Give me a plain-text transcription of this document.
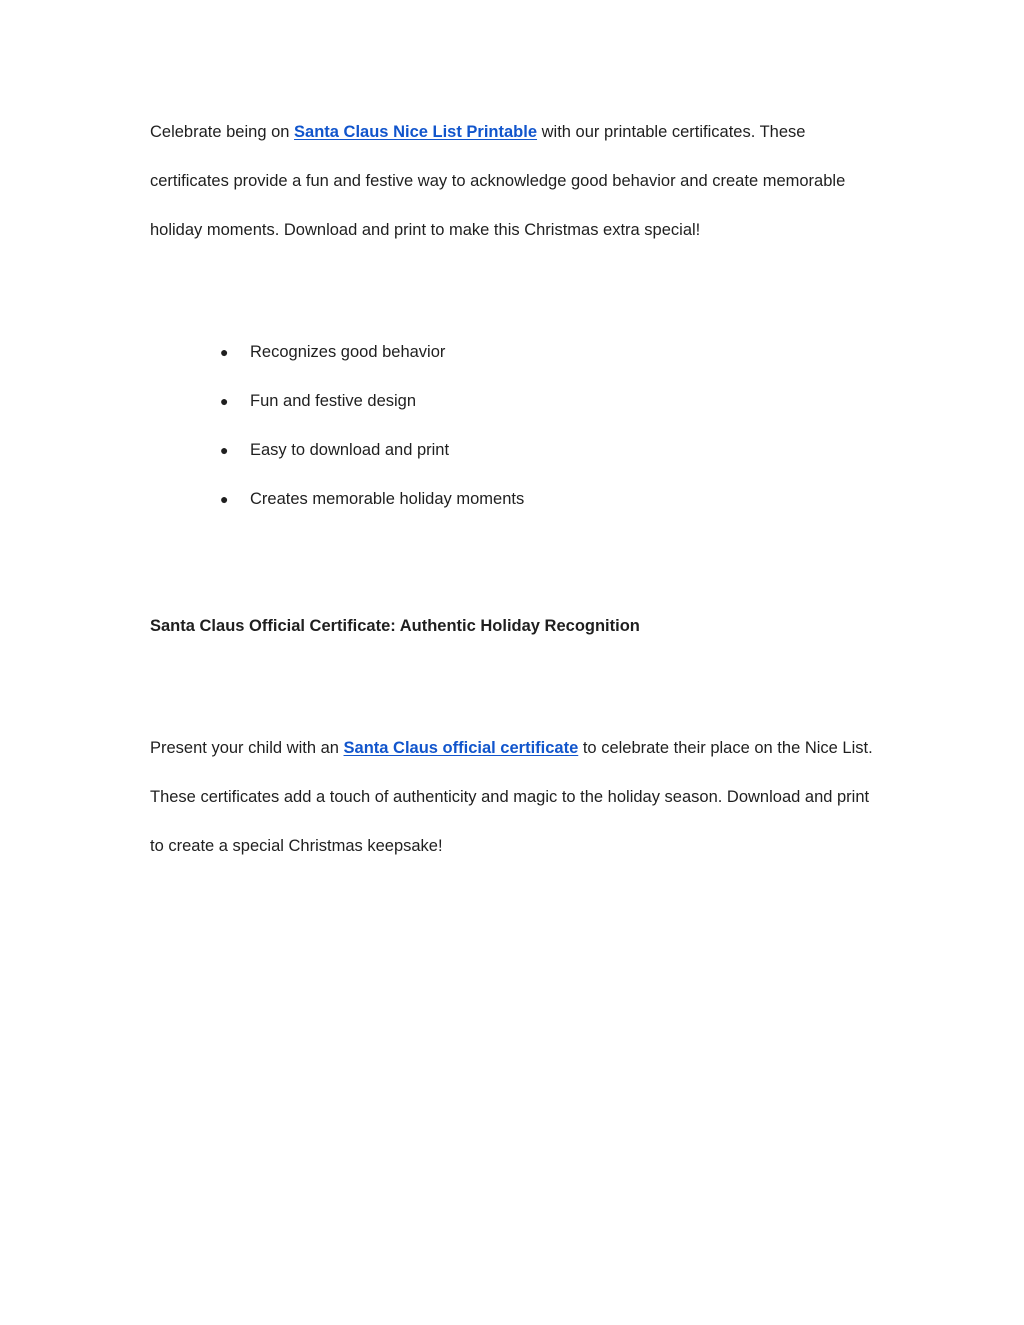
Celebrate being on Santa Claus Nice List Printable with our printable certificates. These certificates provide a fun and festive way to acknowledge good behavior and create memorable holiday moments. Download and print to make this Christmas extra special!

● Recognizes good behavior
● Fun and festive design
● Easy to download and print
● Creates memorable holiday moments
Santa Claus Official Certificate: Authentic Holiday Recognition

Present your child with an Santa Claus official certificate to celebrate their place on the Nice List. These certificates add a touch of authenticity and magic to the holiday season. Download and print to create a special Christmas keepsake!
